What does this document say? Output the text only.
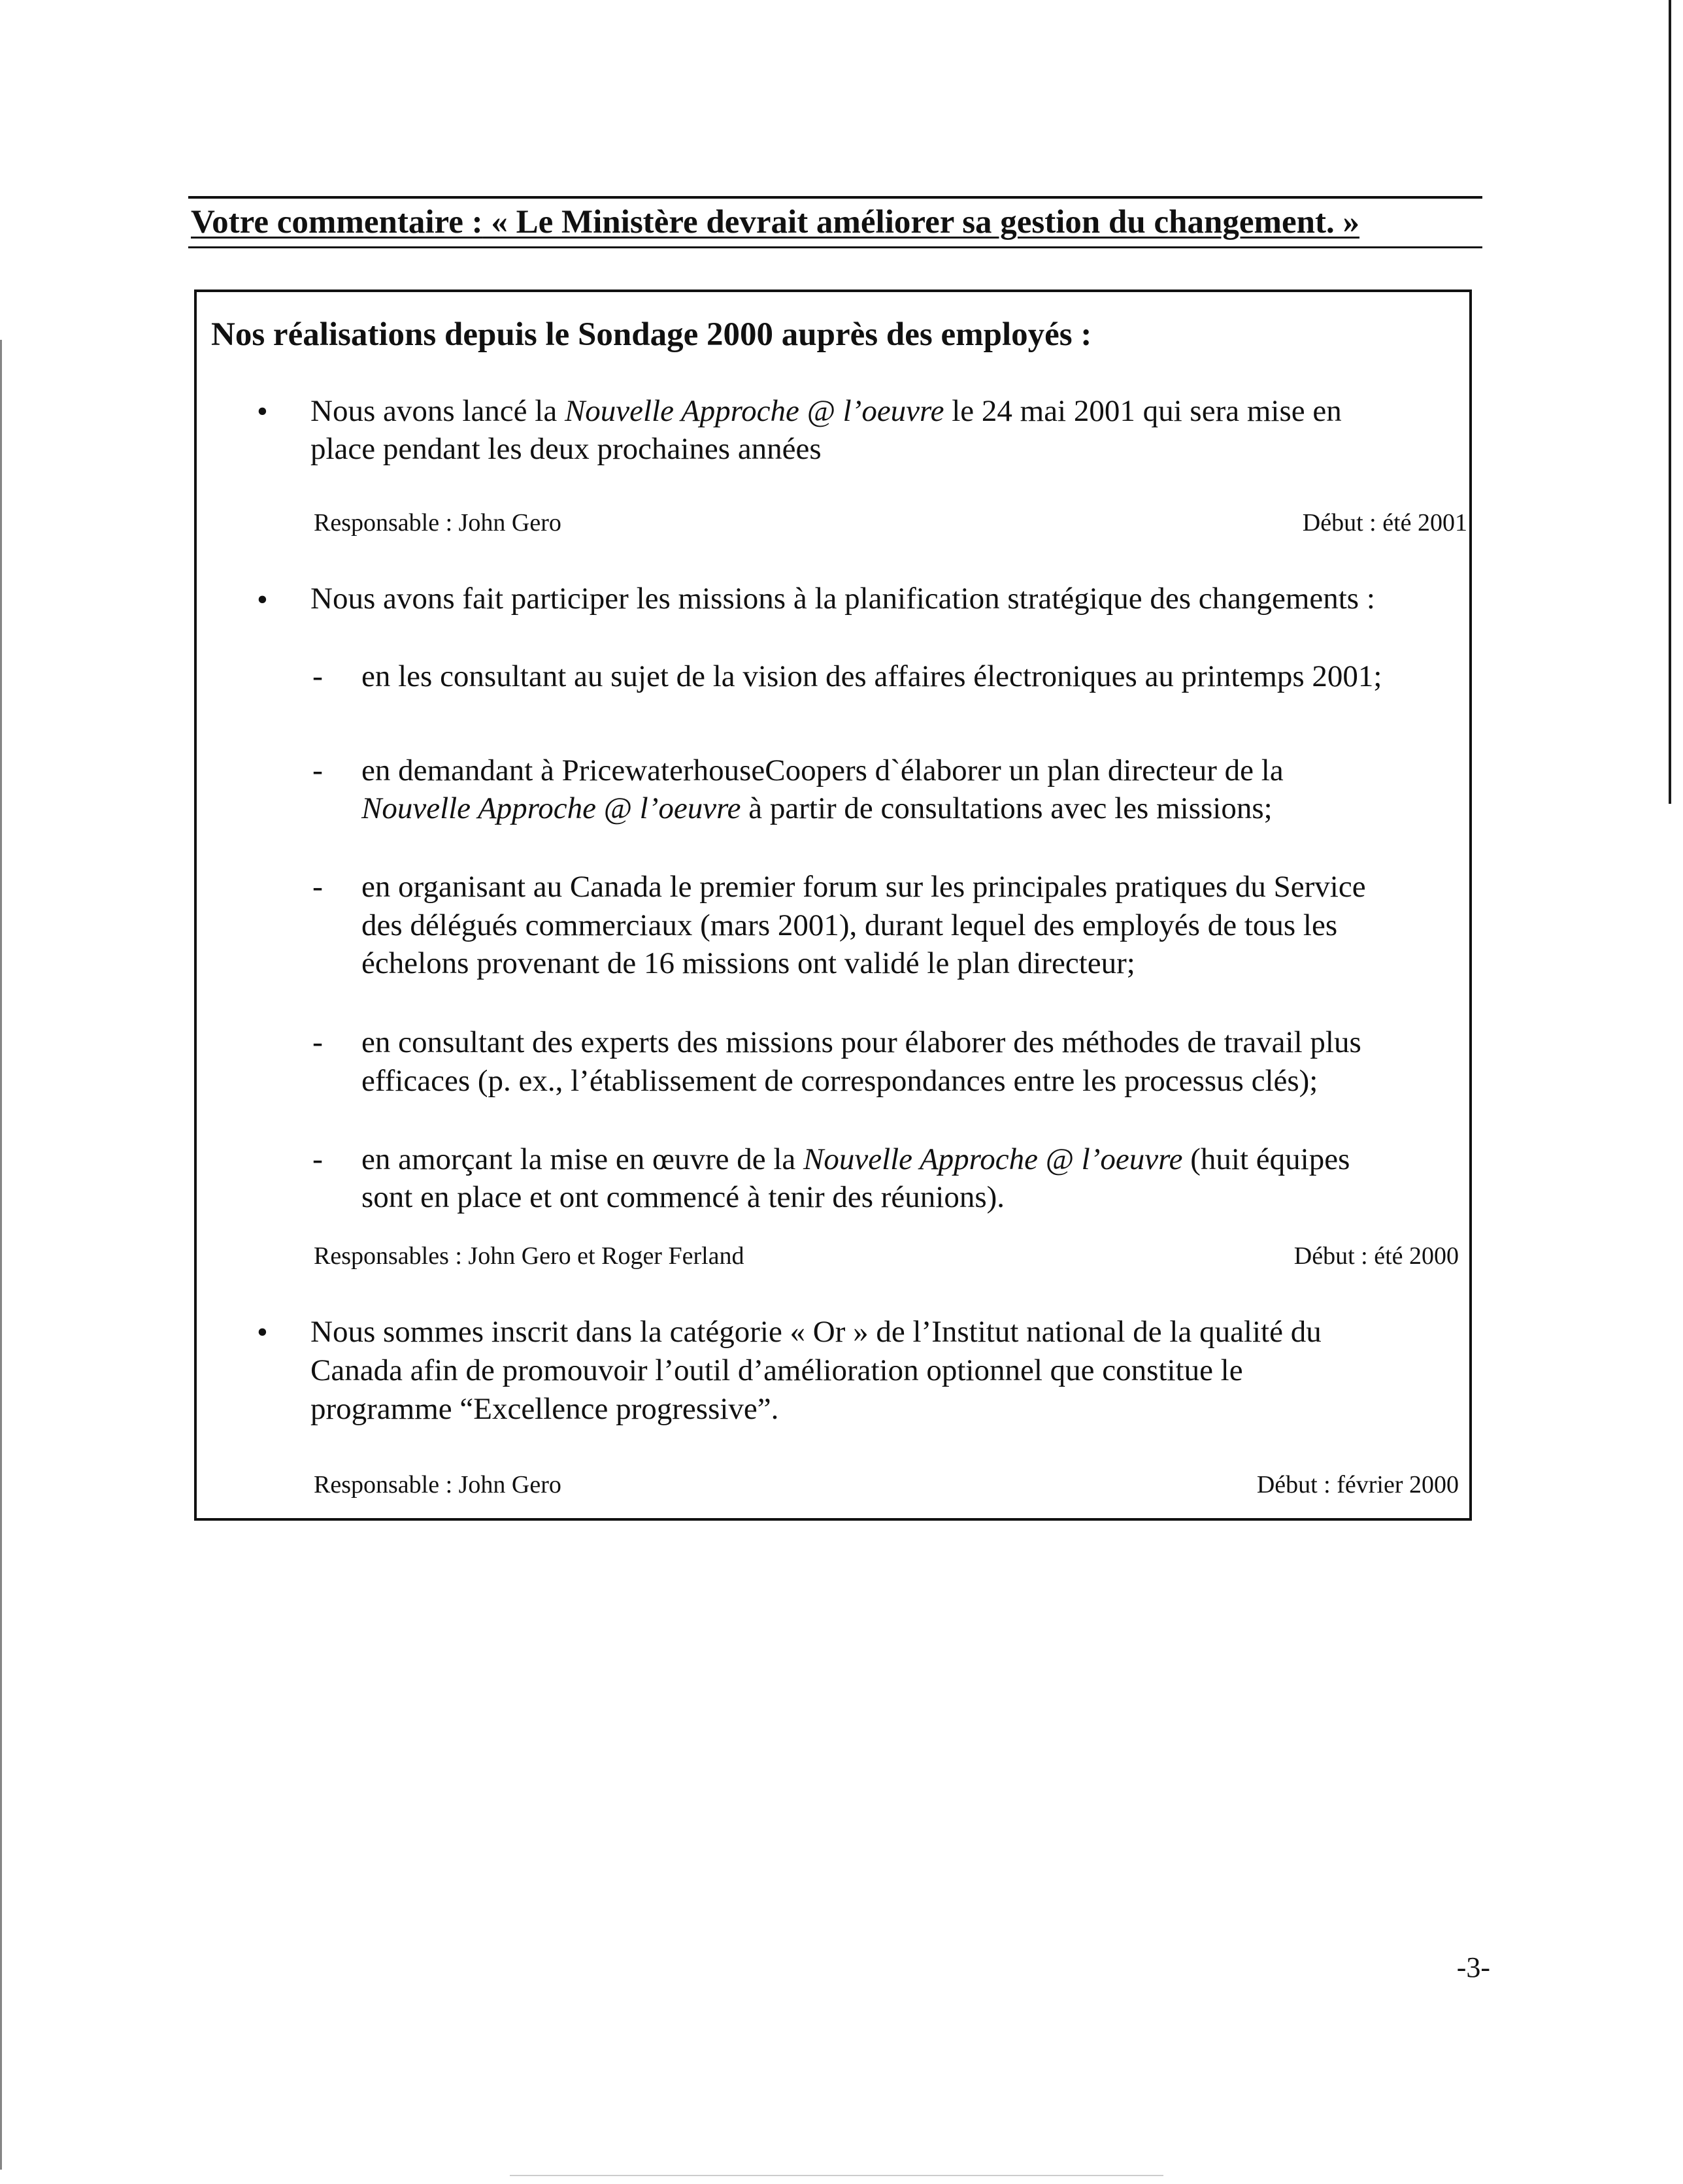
Votre commentaire : « Le Ministère devrait améliorer sa gestion du changement. »
Nos réalisations depuis le Sondage 2000 auprès des employés :
• Nous avons lancé la Nouvelle Approche @ l’oeuvre le 24 mai 2001 qui sera mise en
place pendant les deux prochaines années
Responsable : John Gero	Début : été 2001
• Nous avons fait participer les missions à la planification stratégique des changements :
- en les consultant au sujet de la vision des affaires électroniques au printemps 2001;
- en demandant à PricewaterhouseCoopers d`élaborer un plan directeur de la
Nouvelle Approche @ l’oeuvre à partir de consultations avec les missions;
- en organisant au Canada le premier forum sur les principales pratiques du Service
des délégués commerciaux (mars 2001), durant lequel des employés de tous les
échelons provenant de 16 missions ont validé le plan directeur;
- en consultant des experts des missions pour élaborer des méthodes de travail plus
efficaces (p. ex., l’établissement de correspondances entre les processus clés);
- en amorçant la mise en œuvre de la Nouvelle Approche @ l’oeuvre (huit équipes
sont en place et ont commencé à tenir des réunions).
Responsables : John Gero et Roger Ferland	Début : été 2000
• Nous sommes inscrit dans la catégorie « Or » de l’Institut national de la qualité du
Canada afin de promouvoir l’outil d’amélioration optionnel que constitue le
programme “Excellence progressive”.
Responsable : John Gero	Début : février 2000
-3-
